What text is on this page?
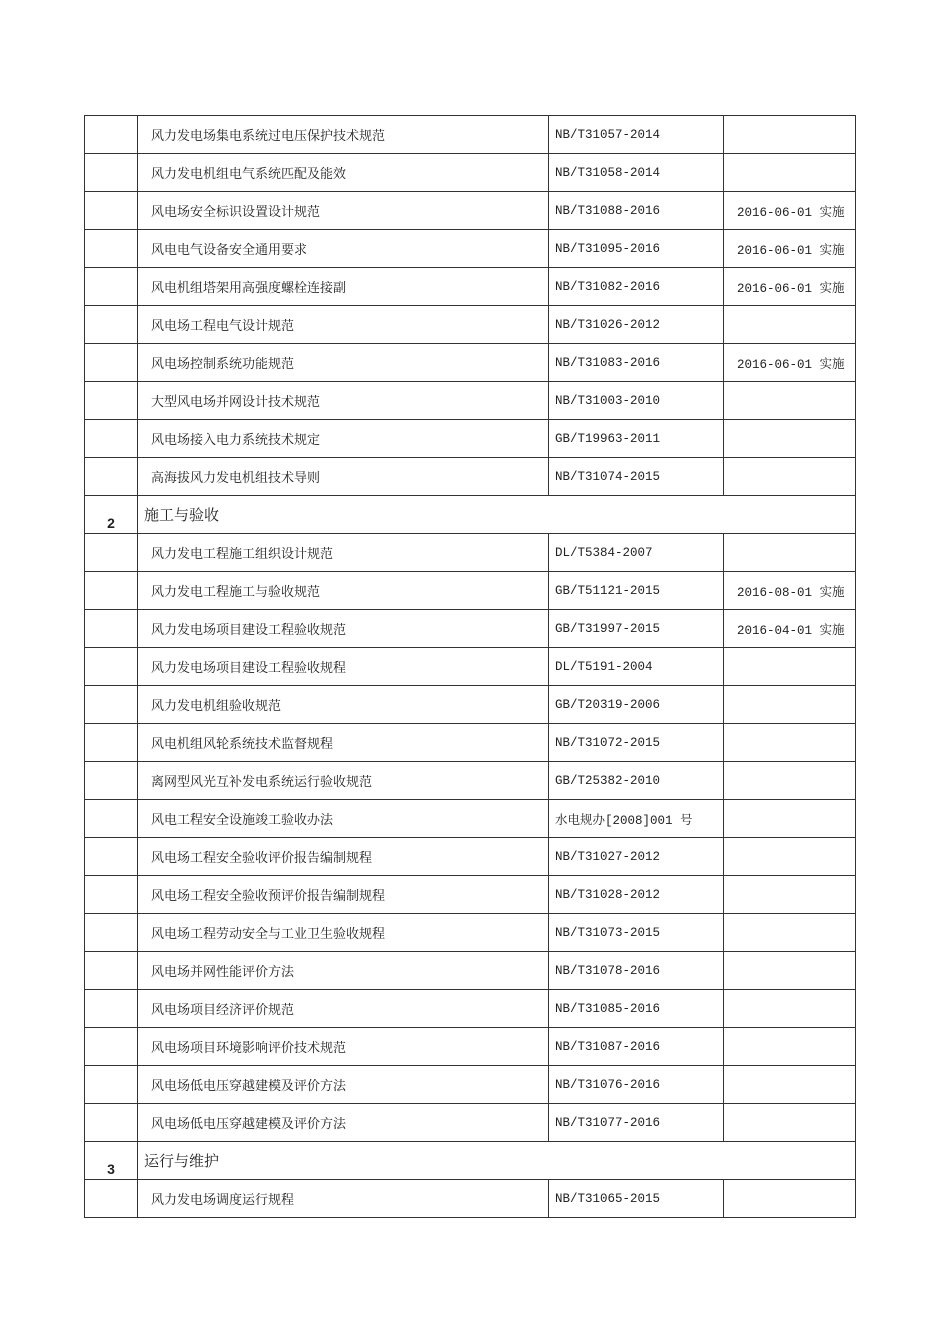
	风力发电场集电系统过电压保护技术规范	NB/T31057-2014	
	风力发电机组电气系统匹配及能效	NB/T31058-2014	
	风电场安全标识设置设计规范	NB/T31088-2016	2016-06-01 实施
	风电电气设备安全通用要求	NB/T31095-2016	2016-06-01 实施
	风电机组塔架用高强度螺栓连接副	NB/T31082-2016	2016-06-01 实施
	风电场工程电气设计规范	NB/T31026-2012	
	风电场控制系统功能规范	NB/T31083-2016	2016-06-01 实施
	大型风电场并网设计技术规范	NB/T31003-2010	
	风电场接入电力系统技术规定	GB/T19963-2011	
	高海拔风力发电机组技术导则	NB/T31074-2015	
2	施工与验收		
	风力发电工程施工组织设计规范	DL/T5384-2007	
	风力发电工程施工与验收规范	GB/T51121-2015	2016-08-01 实施
	风力发电场项目建设工程验收规范	GB/T31997-2015	2016-04-01 实施
	风力发电场项目建设工程验收规程	DL/T5191-2004	
	风力发电机组验收规范	GB/T20319-2006	
	风电机组风轮系统技术监督规程	NB/T31072-2015	
	离网型风光互补发电系统运行验收规范	GB/T25382-2010	
	风电工程安全设施竣工验收办法	水电规办[2008]001 号	
	风电场工程安全验收评价报告编制规程	NB/T31027-2012	
	风电场工程安全验收预评价报告编制规程	NB/T31028-2012	
	风电场工程劳动安全与工业卫生验收规程	NB/T31073-2015	
	风电场并网性能评价方法	NB/T31078-2016	
	风电场项目经济评价规范	NB/T31085-2016	
	风电场项目环境影响评价技术规范	NB/T31087-2016	
	风电场低电压穿越建模及评价方法	NB/T31076-2016	
	风电场低电压穿越建模及评价方法	NB/T31077-2016	
3	运行与维护		
	风力发电场调度运行规程	NB/T31065-2015	
